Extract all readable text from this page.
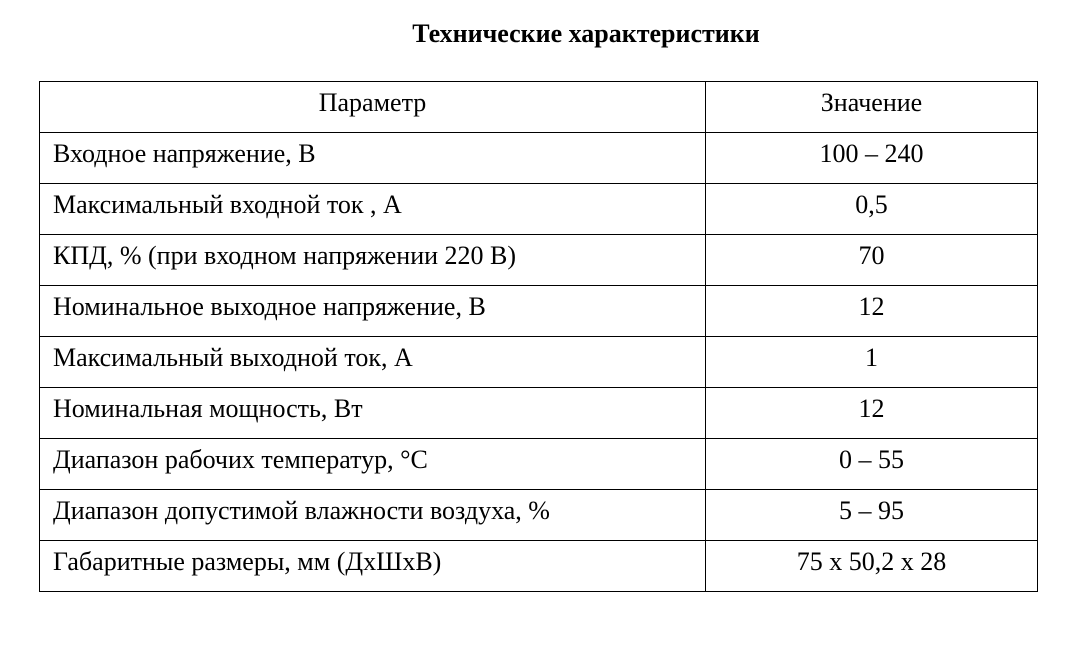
Технические характеристики
Параметр	Значение
Входное напряжение, В	100 – 240
Максимальный входной ток , А	0,5
КПД, % (при входном напряжении 220 В)	70
Номинальное выходное напряжение, В	12
Максимальный выходной ток, А	1
Номинальная мощность, Вт	12
Диапазон рабочих температур, °С	0 – 55
Диапазон допустимой влажности воздуха, %	5 – 95
Габаритные размеры, мм (ДхШхВ)	75 х 50,2 х 28
